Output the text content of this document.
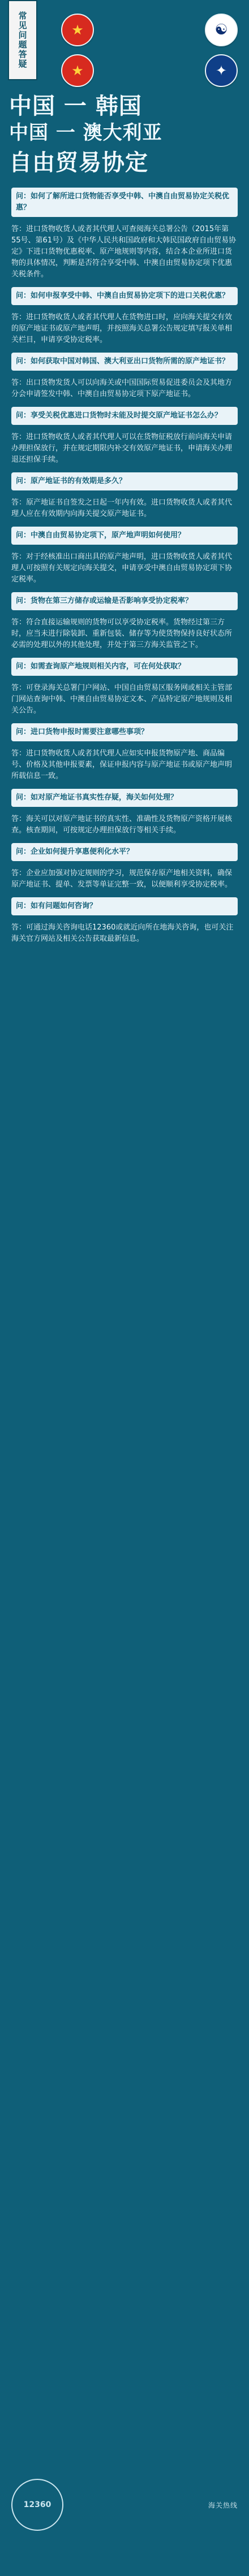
常见问题答疑	★	☯
★	✦

中国 一 韩国

中国 一 澳大利亚

自由贸易协定

问：如何了解所进口货物能否享受中韩、中澳自由贸易协定关税优惠？

答：进口货物收货人或者其代理人可查阅海关总署公告（2015年第55号、第61号）及《中华人民共和国政府和大韩民国政府自由贸易协定》下进口货物优惠税率、原产地规则等内容，结合本企业所进口货物的具体情况，判断是否符合享受中韩、中澳自由贸易协定项下优惠关税条件。

问：如何申报享受中韩、中澳自由贸易协定项下的进口关税优惠？

答：进口货物收货人或者其代理人在货物进口时，应向海关提交有效的原产地证书或原产地声明，并按照海关总署公告规定填写报关单相关栏目，申请享受协定税率。

问：如何获取中国对韩国、澳大利亚出口货物所需的原产地证书？

答：出口货物发货人可以向海关或中国国际贸易促进委员会及其地方分会申请签发中韩、中澳自由贸易协定项下原产地证书。

问：享受关税优惠进口货物时未能及时提交原产地证书怎么办？

答：进口货物收货人或者其代理人可以在货物征税放行前向海关申请办理担保放行，并在规定期限内补交有效原产地证书，申请海关办理退还担保手续。

问：原产地证书的有效期是多久？

答：原产地证书自签发之日起一年内有效。进口货物收货人或者其代理人应在有效期内向海关提交原产地证书。

问：中澳自由贸易协定项下，原产地声明如何使用？

答：对于经核准出口商出具的原产地声明，进口货物收货人或者其代理人可按照有关规定向海关提交，申请享受中澳自由贸易协定项下协定税率。

问：货物在第三方储存或运输是否影响享受协定税率？

答：符合直接运输规则的货物可以享受协定税率。货物经过第三方时，应当未进行除装卸、重新包装、储存等为使货物保持良好状态所必需的处理以外的其他处理，并处于第三方海关监管之下。

问：如需查询原产地规则相关内容，可在何处获取？

答：可登录海关总署门户网站、中国自由贸易区服务网或相关主管部门网站查询中韩、中澳自由贸易协定文本、产品特定原产地规则及相关公告。

问：进口货物申报时需要注意哪些事项？

答：进口货物收货人或者其代理人应如实申报货物原产地、商品编号、价格及其他申报要素，保证申报内容与原产地证书或原产地声明所载信息一致。

问：如对原产地证书真实性存疑，海关如何处理？

答：海关可以对原产地证书的真实性、准确性及货物原产资格开展核查。核查期间，可按规定办理担保放行等相关手续。

问：企业如何提升享惠便利化水平？

答：企业应加强对协定规则的学习，规范保存原产地相关资料，确保原产地证书、提单、发票等单证完整一致，以便顺利享受协定税率。

问：如有问题如何咨询？

答：可通过海关咨询电话12360或就近向所在地海关咨询，也可关注海关官方网站及相关公告获取最新信息。

12360	海关热线
